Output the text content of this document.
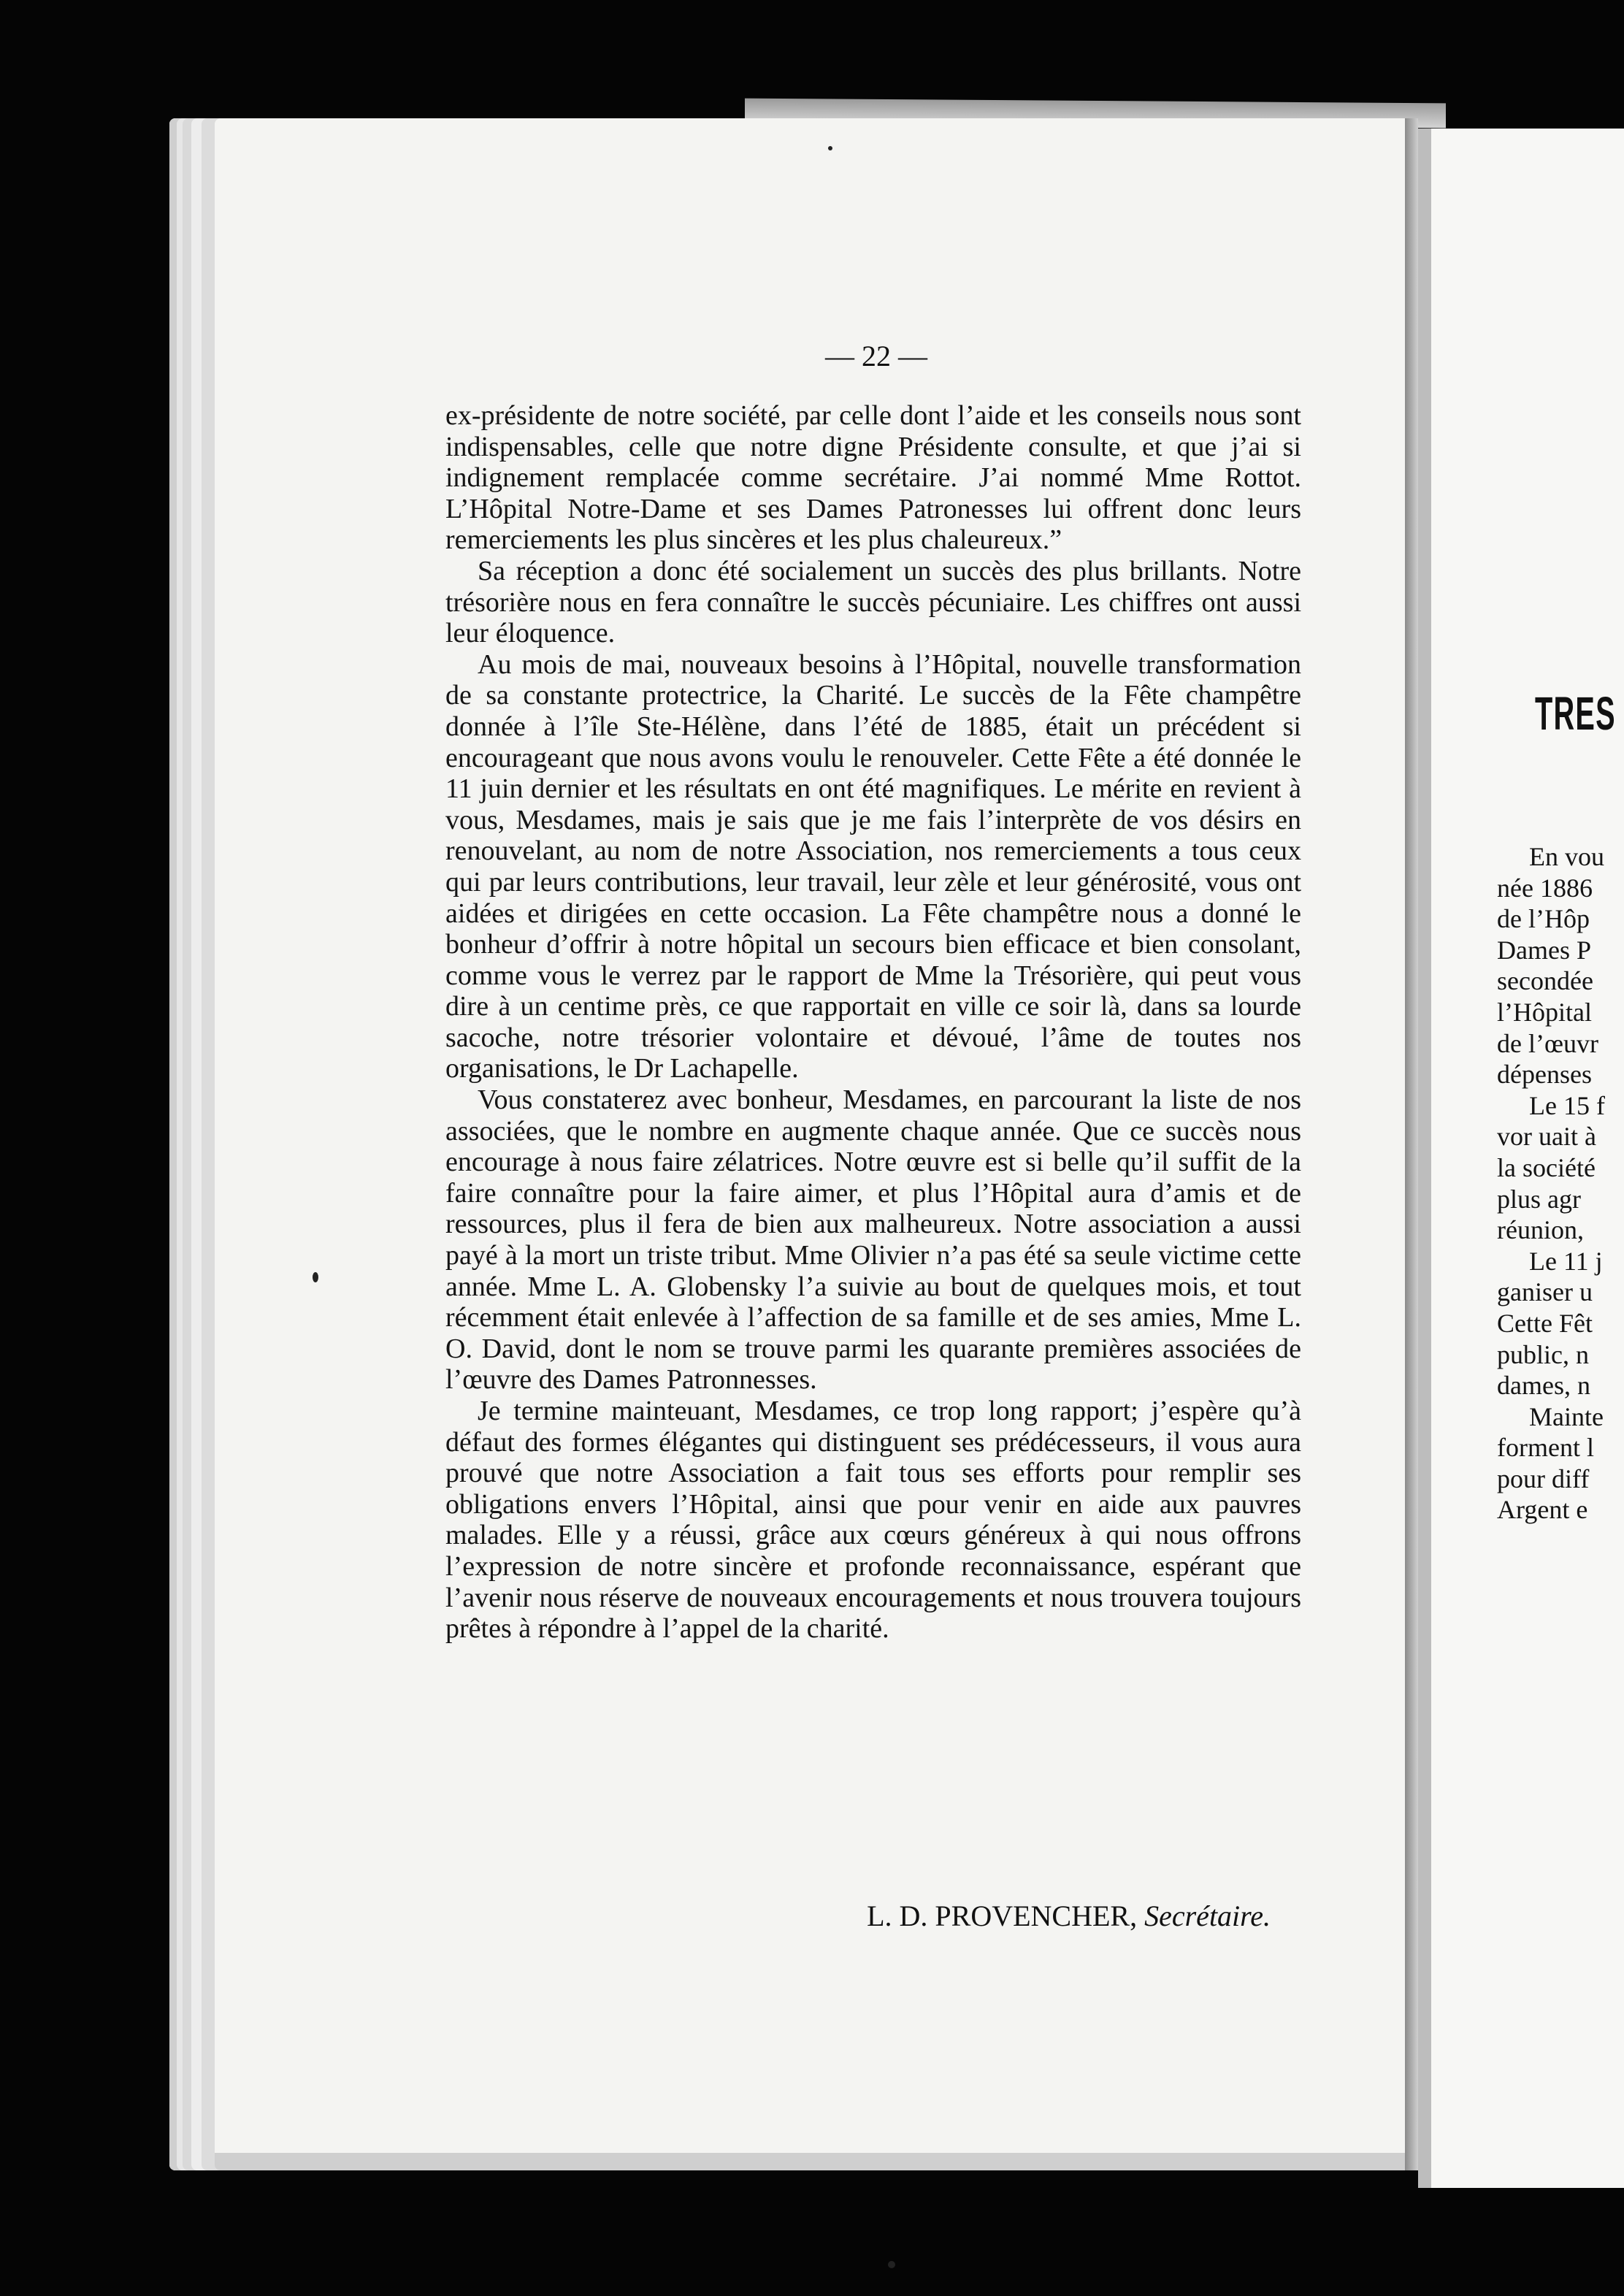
— 22 —

ex-présidente de notre société, par celle dont l’aide et les conseils nous sont indispensables, celle que notre digne Présidente consulte, et que j’ai si indignement remplacée comme secrétaire. J’ai nommé Mme Rottot. L’Hôpital Notre-Dame et ses Dames Patronesses lui offrent donc leurs remerciements les plus sincères et les plus chaleureux.”

Sa réception a donc été socialement un succès des plus brillants. Notre trésorière nous en fera connaître le succès pécuniaire. Les chiffres ont aussi leur éloquence.

Au mois de mai, nouveaux besoins à l’Hôpital, nouvelle transformation de sa constante protectrice, la Charité. Le succès de la Fête champêtre donnée à l’île Ste-Hélène, dans l’été de 1885, était un précédent si encourageant que nous avons voulu le renouveler. Cette Fête a été donnée le 11 juin dernier et les résultats en ont été magnifiques. Le mérite en revient à vous, Mesdames, mais je sais que je me fais l’interprète de vos désirs en renouvelant, au nom de notre Association, nos remerciements a tous ceux qui par leurs contributions, leur travail, leur zèle et leur générosité, vous ont aidées et dirigées en cette occasion. La Fête champêtre nous a donné le bonheur d’offrir à notre hôpital un secours bien efficace et bien consolant, comme vous le verrez par le rapport de Mme la Trésorière, qui peut vous dire à un centime près, ce que rapportait en ville ce soir là, dans sa lourde sacoche, notre trésorier volontaire et dévoué, l’âme de toutes nos organisations, le Dr Lachapelle.

Vous constaterez avec bonheur, Mesdames, en parcourant la liste de nos associées, que le nombre en augmente chaque année. Que ce succès nous encourage à nous faire zélatrices. Notre œuvre est si belle qu’il suffit de la faire connaître pour la faire aimer, et plus l’Hôpital aura d’amis et de ressources, plus il fera de bien aux malheureux. Notre association a aussi payé à la mort un triste tribut. Mme Olivier n’a pas été sa seule victime cette année. Mme L. A. Globensky l’a suivie au bout de quelques mois, et tout récemment était enlevée à l’affection de sa famille et de ses amies, Mme L. O. David, dont le nom se trouve parmi les quarante premières associées de l’œuvre des Dames Patronnesses.

Je termine mainteuant, Mesdames, ce trop long rapport; j’espère qu’à défaut des formes élégantes qui distinguent ses prédécesseurs, il vous aura prouvé que notre Association a fait tous ses efforts pour remplir ses obligations envers l’Hôpital, ainsi que pour venir en aide aux pauvres malades. Elle y a réussi, grâce aux cœurs généreux à qui nous offrons l’expression de notre sincère et profonde reconnaissance, espérant que l’avenir nous réserve de nouveaux encouragements et nous trouvera toujours prêtes à répondre à l’appel de la charité.

L. D. PROVENCHER, Secrétaire.
TRES
En vou
née 1886
de l’Hôp
Dames P
secondée
l’Hôpital
de l’œuvr
dépenses
Le 15 f
vor uait à
la société
plus agr
réunion,
Le 11 j
ganiser u
Cette Fêt
public, n
dames, n
Mainte
forment l
pour diff
Argent e
